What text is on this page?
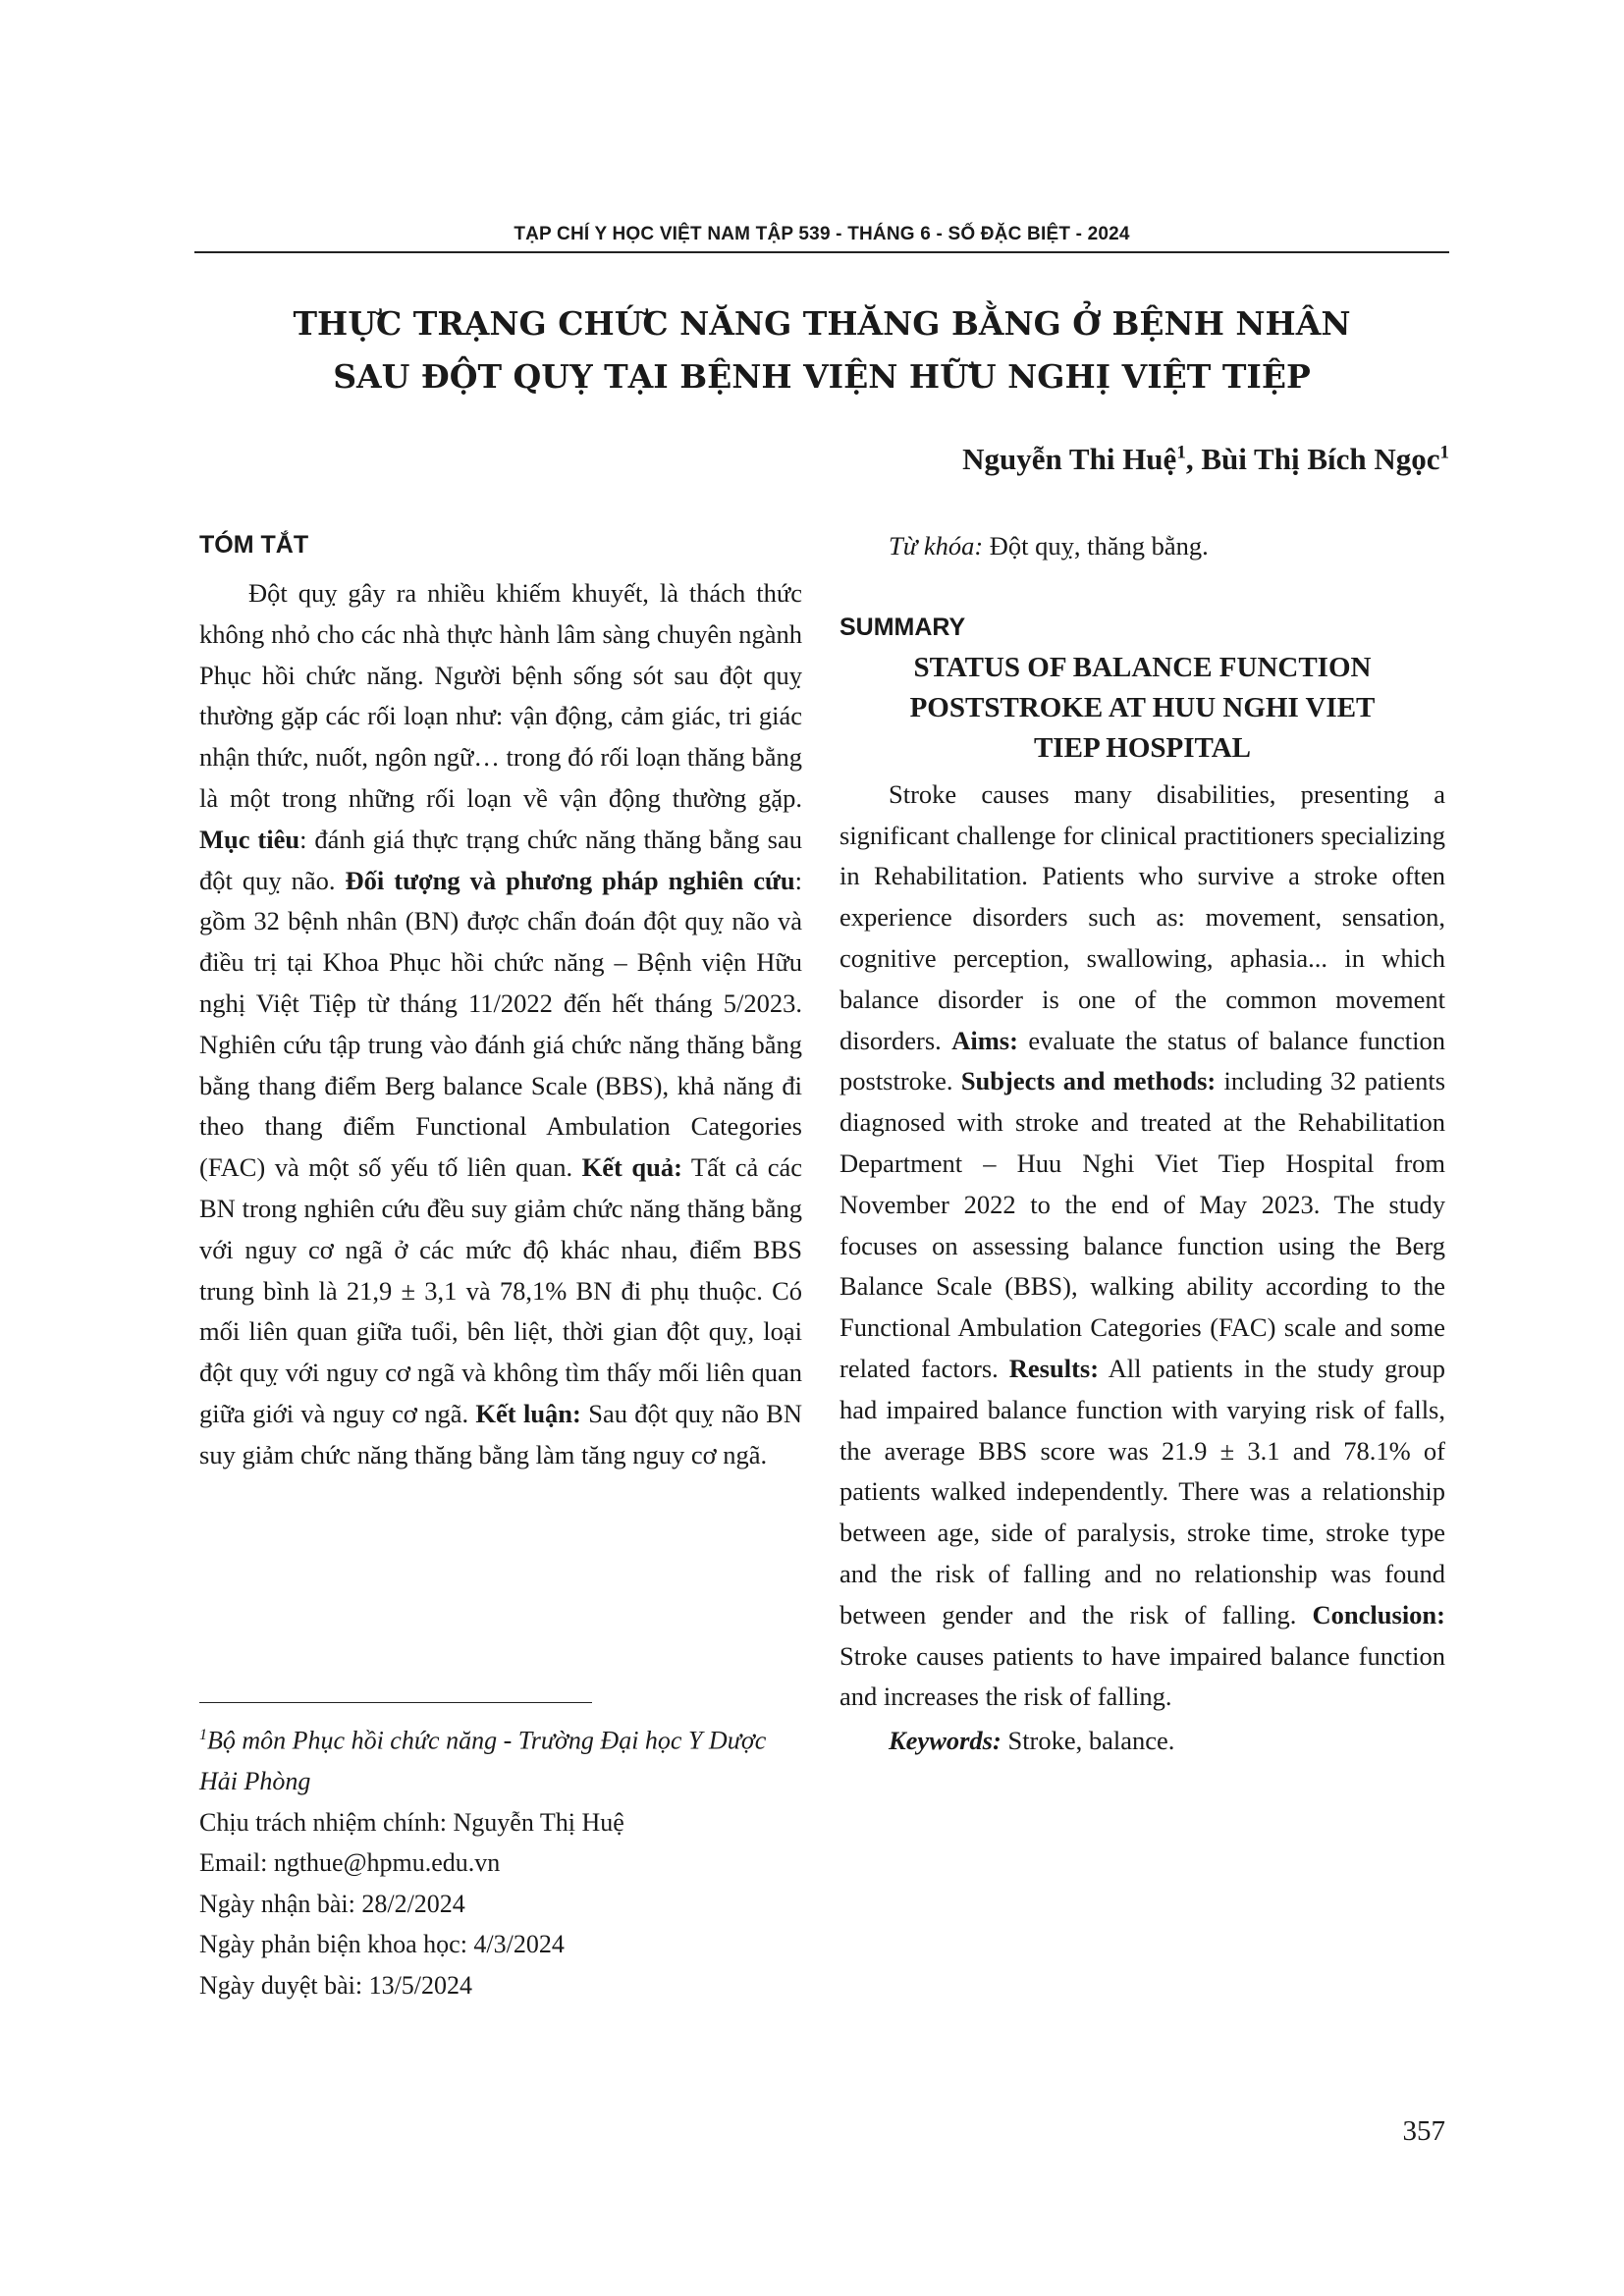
TẠP CHÍ Y HỌC VIỆT NAM TẬP 539 - THÁNG 6 - SỐ ĐẶC BIỆT - 2024
THỰC TRẠNG CHỨC NĂNG THĂNG BẰNG Ở BỆNH NHÂN
SAU ĐỘT QUỴ TẠI BỆNH VIỆN HỮU NGHỊ VIỆT TIỆP
Nguyễn Thi Huệ$^1$, Bùi Thị Bích Ngọc$^1$
TÓM TẮT

Đột quỵ gây ra nhiều khiếm khuyết, là thách thức không nhỏ cho các nhà thực hành lâm sàng chuyên ngành Phục hồi chức năng. Người bệnh sống sót sau đột quỵ thường gặp các rối loạn như: vận động, cảm giác, tri giác nhận thức, nuốt, ngôn ngữ… trong đó rối loạn thăng bằng là một trong những rối loạn về vận động thường gặp. Mục tiêu: đánh giá thực trạng chức năng thăng bằng sau đột quỵ não. Đối tượng và phương pháp nghiên cứu: gồm 32 bệnh nhân (BN) được chẩn đoán đột quỵ não và điều trị tại Khoa Phục hồi chức năng – Bệnh viện Hữu nghị Việt Tiệp từ tháng 11/2022 đến hết tháng 5/2023. Nghiên cứu tập trung vào đánh giá chức năng thăng bằng bằng thang điểm Berg balance Scale (BBS), khả năng đi theo thang điểm Functional Ambulation Categories (FAC) và một số yếu tố liên quan. Kết quả: Tất cả các BN trong nghiên cứu đều suy giảm chức năng thăng bằng với nguy cơ ngã ở các mức độ khác nhau, điểm BBS trung bình là 21,9 ± 3,1 và 78,1% BN đi phụ thuộc. Có mối liên quan giữa tuổi, bên liệt, thời gian đột quỵ, loại đột quỵ với nguy cơ ngã và không tìm thấy mối liên quan giữa giới và nguy cơ ngã. Kết luận: Sau đột quỵ não BN suy giảm chức năng thăng bằng làm tăng nguy cơ ngã.

$^1$Bộ môn Phục hồi chức năng - Trường Đại học Y Dược Hải Phòng
Chịu trách nhiệm chính: Nguyễn Thị Huệ
Email: ngthue@hpmu.edu.vn
Ngày nhận bài: 28/2/2024
Ngày phản biện khoa học: 4/3/2024
Ngày duyệt bài: 13/5/2024

Từ khóa: Đột quỵ, thăng bằng.

SUMMARY
STATUS OF BALANCE FUNCTION
POSTSTROKE AT HUU NGHI VIET
TIEP HOSPITAL

Stroke causes many disabilities, presenting a significant challenge for clinical practitioners specializing in Rehabilitation. Patients who survive a stroke often experience disorders such as: movement, sensation, cognitive perception, swallowing, aphasia... in which balance disorder is one of the common movement disorders. Aims: evaluate the status of balance function poststroke. Subjects and methods: including 32 patients diagnosed with stroke and treated at the Rehabilitation Department – Huu Nghi Viet Tiep Hospital from November 2022 to the end of May 2023. The study focuses on assessing balance function using the Berg Balance Scale (BBS), walking ability according to the Functional Ambulation Categories (FAC) scale and some related factors. Results: All patients in the study group had impaired balance function with varying risk of falls, the average BBS score was 21.9 ± 3.1 and 78.1% of patients walked independently. There was a relationship between age, side of paralysis, stroke time, stroke type and the risk of falling and no relationship was found between gender and the risk of falling. Conclusion: Stroke causes patients to have impaired balance function and increases the risk of falling.

Keywords: Stroke, balance.

357
